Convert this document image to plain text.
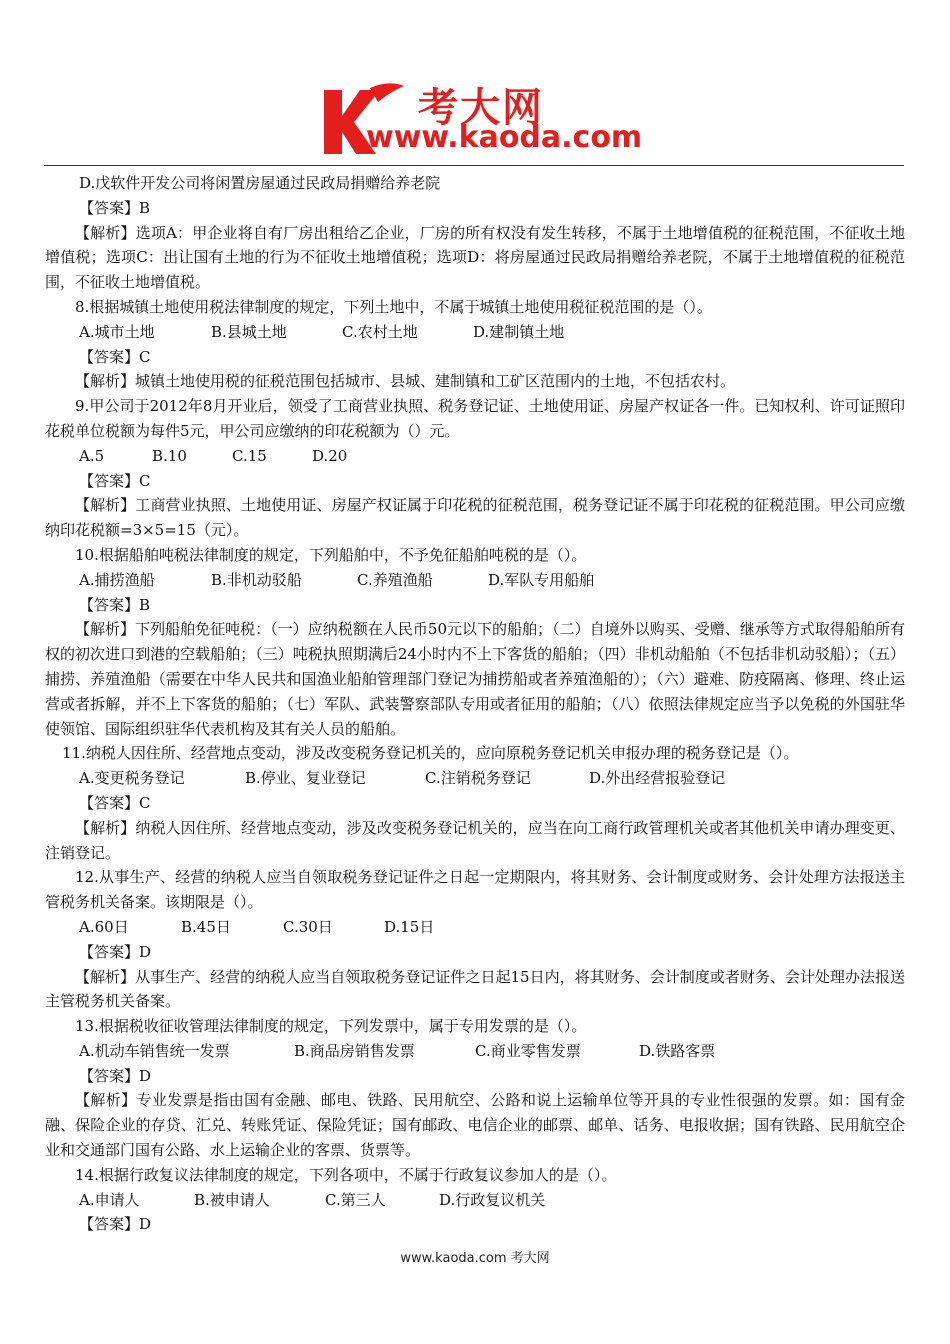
考大网
www.kaoda.com

D.戊软件开发公司将闲置房屋通过民政局捐赠给养老院

【答案】B

【解析】选项A：甲企业将自有厂房出租给乙企业，厂房的所有权没有发生转移，不属于土地增值税的征税范围，不征收土地增值税；选项C：出让国有土地的行为不征收土地增值税；选项D：将房屋通过民政局捐赠给养老院，不属于土地增值税的征税范围，不征收土地增值税。

8.根据城镇土地使用税法律制度的规定，下列土地中，不属于城镇土地使用税征税范围的是（）。

A.城市土地	B.县城土地	C.农村土地	D.建制镇土地

【答案】C

【解析】城镇土地使用税的征税范围包括城市、县城、建制镇和工矿区范围内的土地，不包括农村。

9.甲公司于2012年8月开业后，领受了工商营业执照、税务登记证、土地使用证、房屋产权证各一件。已知权利、许可证照印花税单位税额为每件5元，甲公司应缴纳的印花税额为（）元。

A.5	B.10	C.15	D.20

【答案】C

【解析】工商营业执照、土地使用证、房屋产权证属于印花税的征税范围，税务登记证不属于印花税的征税范围。甲公司应缴纳印花税额=3×5=15（元）。

10.根据船舶吨税法律制度的规定，下列船舶中，不予免征船舶吨税的是（）。

A.捕捞渔船	B.非机动驳船	C.养殖渔船	D.军队专用船舶

【答案】B

【解析】下列船舶免征吨税：（一）应纳税额在人民币50元以下的船舶；（二）自境外以购买、受赠、继承等方式取得船舶所有权的初次进口到港的空载船舶；（三）吨税执照期满后24小时内不上下客货的船舶；（四）非机动船舶（不包括非机动驳船）；（五）捕捞、养殖渔船（需要在中华人民共和国渔业船舶管理部门登记为捕捞船或者养殖渔船的）；（六）避难、防疫隔离、修理、终止运营或者拆解，并不上下客货的船舶；（七）军队、武装警察部队专用或者征用的船舶；（八）依照法律规定应当予以免税的外国驻华使领馆、国际组织驻华代表机构及其有关人员的船舶。

11.纳税人因住所、经营地点变动，涉及改变税务登记机关的，应向原税务登记机关申报办理的税务登记是（）。

A.变更税务登记	B.停业、复业登记	C.注销税务登记	D.外出经营报验登记

【答案】C

【解析】纳税人因住所、经营地点变动，涉及改变税务登记机关的，应当在向工商行政管理机关或者其他机关申请办理变更、注销登记。

12.从事生产、经营的纳税人应当自领取税务登记证件之日起一定期限内，将其财务、会计制度或财务、会计处理方法报送主管税务机关备案。该期限是（）。

A.60日	B.45日	C.30日	D.15日

【答案】D

【解析】从事生产、经营的纳税人应当自领取税务登记证件之日起15日内，将其财务、会计制度或者财务、会计处理办法报送主管税务机关备案。

13.根据税收征收管理法律制度的规定，下列发票中，属于专用发票的是（）。

A.机动车销售统一发票	B.商品房销售发票	C.商业零售发票	D.铁路客票

【答案】D

【解析】专业发票是指由国有金融、邮电、铁路、民用航空、公路和说上运输单位等开具的专业性很强的发票。如：国有金融、保险企业的存贷、汇兑、转账凭证、保险凭证；国有邮政、电信企业的邮票、邮单、话务、电报收据；国有铁路、民用航空企业和交通部门国有公路、水上运输企业的客票、货票等。

14.根据行政复议法律制度的规定，下列各项中，不属于行政复议参加人的是（）。

A.申请人	B.被申请人	C.第三人	D.行政复议机关

【答案】D

www.kaoda.com 考大网
